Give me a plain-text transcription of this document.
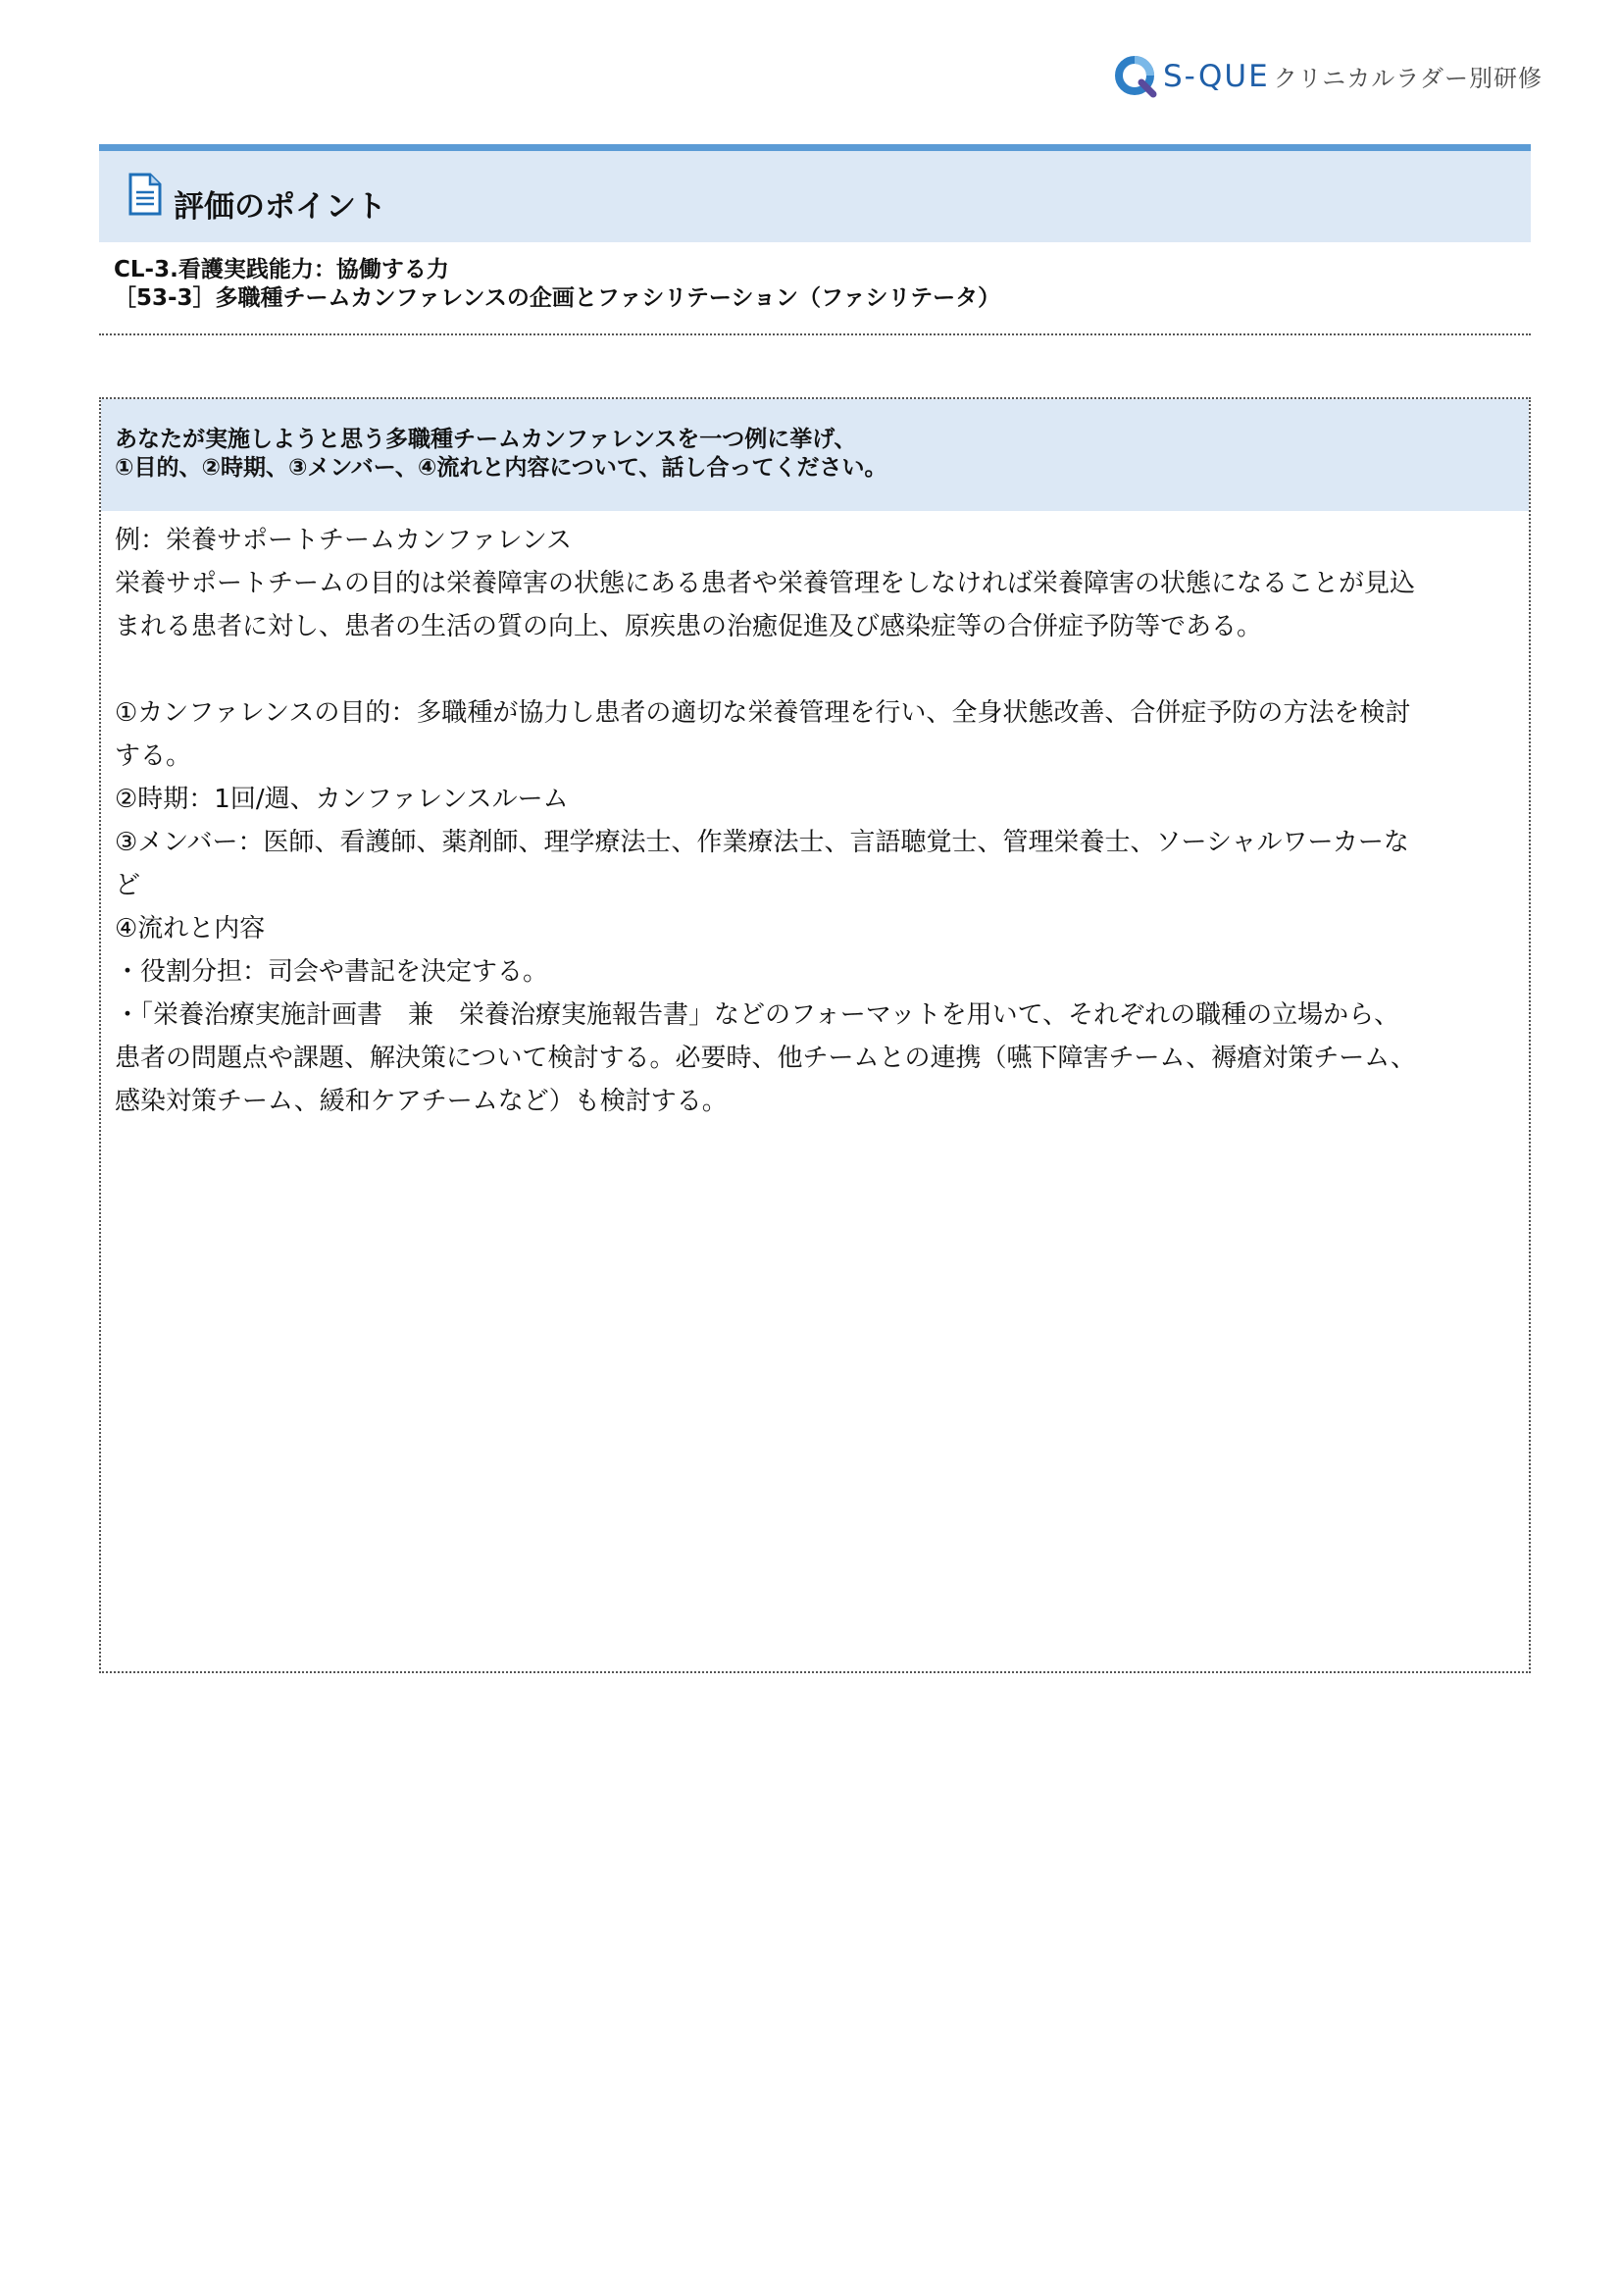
S-QUE クリニカルラダー別研修
評価のポイント
CL-3.看護実践能力：協働する力
［53-3］多職種チームカンファレンスの企画とファシリテーション（ファシリテータ）
あなたが実施しようと思う多職種チームカンファレンスを一つ例に挙げ、
①目的、②時期、③メンバー、④流れと内容について、話し合ってください。
例：栄養サポートチームカンファレンス
栄養サポートチームの目的は栄養障害の状態にある患者や栄養管理をしなければ栄養障害の状態になることが見込
まれる患者に対し、患者の生活の質の向上、原疾患の治癒促進及び感染症等の合併症予防等である。
①カンファレンスの目的：多職種が協力し患者の適切な栄養管理を行い、全身状態改善、合併症予防の方法を検討
する。
②時期：1回/週、カンファレンスルーム
③メンバー：医師、看護師、薬剤師、理学療法士、作業療法士、言語聴覚士、管理栄養士、ソーシャルワーカーな
ど
④流れと内容
・役割分担：司会や書記を決定する。
・「栄養治療実施計画書　兼　栄養治療実施報告書」などのフォーマットを用いて、それぞれの職種の立場から、
患者の問題点や課題、解決策について検討する。必要時、他チームとの連携（嚥下障害チーム、褥瘡対策チーム、
感染対策チーム、緩和ケアチームなど）も検討する。
